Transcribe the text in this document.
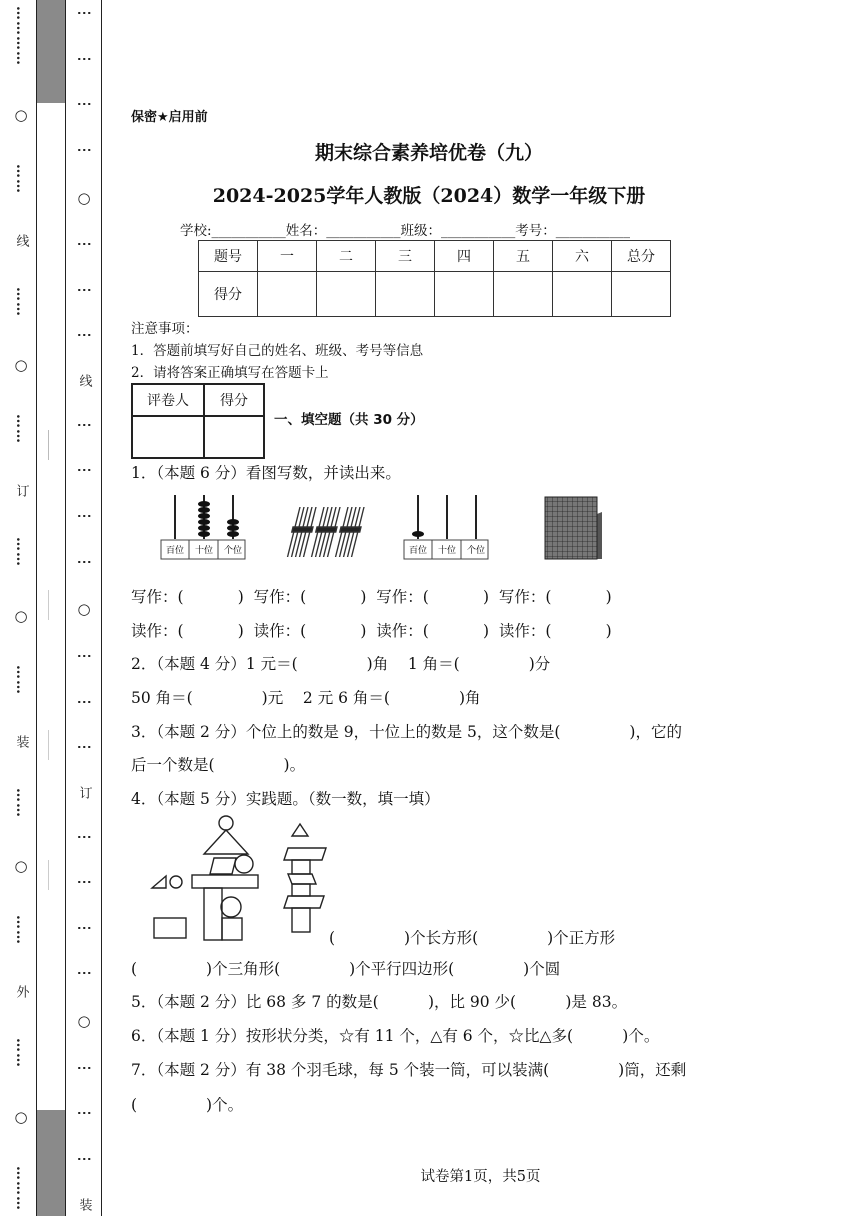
…………
○
……
线
……
○
……
订
……
○
……
装
……
○
……
外
……
○
………
⋮
⋮
⋮
⋮
○
⋮
⋮
⋮
线
⋮
⋮
⋮
⋮
○
⋮
⋮
⋮
订
⋮
⋮
⋮
⋮
○
⋮
⋮
⋮
装
保密★启用前
期末综合素养培优卷（九）
2024-2025学年人教版（2024）数学一年级下册
学校:___________姓名：___________班级：___________考号：___________
题号	一	二	三	四	五	六	总分
得分							
注意事项：
1．答题前填写好自己的姓名、班级、考号等信息
2．请将答案正确填写在答题卡上
评卷人	得分

一、填空题（共 30 分）
1．（本题 6 分）看图写数，并读出来。
百位 十位 个位	百位 十位 个位
写作：(           )  写作：(           )  写作：(           )  写作：(           )
读作：(           )  读作：(           )  读作：(           )  读作：(           )
2．（本题 4 分）1 元＝(              )角    1 角＝(              )分
50 角＝(              )元    2 元 6 角＝(              )角
3．（本题 2 分）个位上的数是 9，十位上的数是 5，这个数是(              )，它的
后一个数是(              )。
4．（本题 5 分）实践题。（数一数，填一填）
(              )个长方形(              )个正方形
(              )个三角形(              )个平行四边形(              )个圆
5．（本题 2 分）比 68 多 7 的数是(          )，比 90 少(          )是 83。
6．（本题 1 分）按形状分类，☆有 11 个，△有 6 个，☆比△多(          )个。
7．（本题 2 分）有 38 个羽毛球，每 5 个装一筒，可以装满(              )筒，还剩
(              )个。
试卷第1页，共5页
